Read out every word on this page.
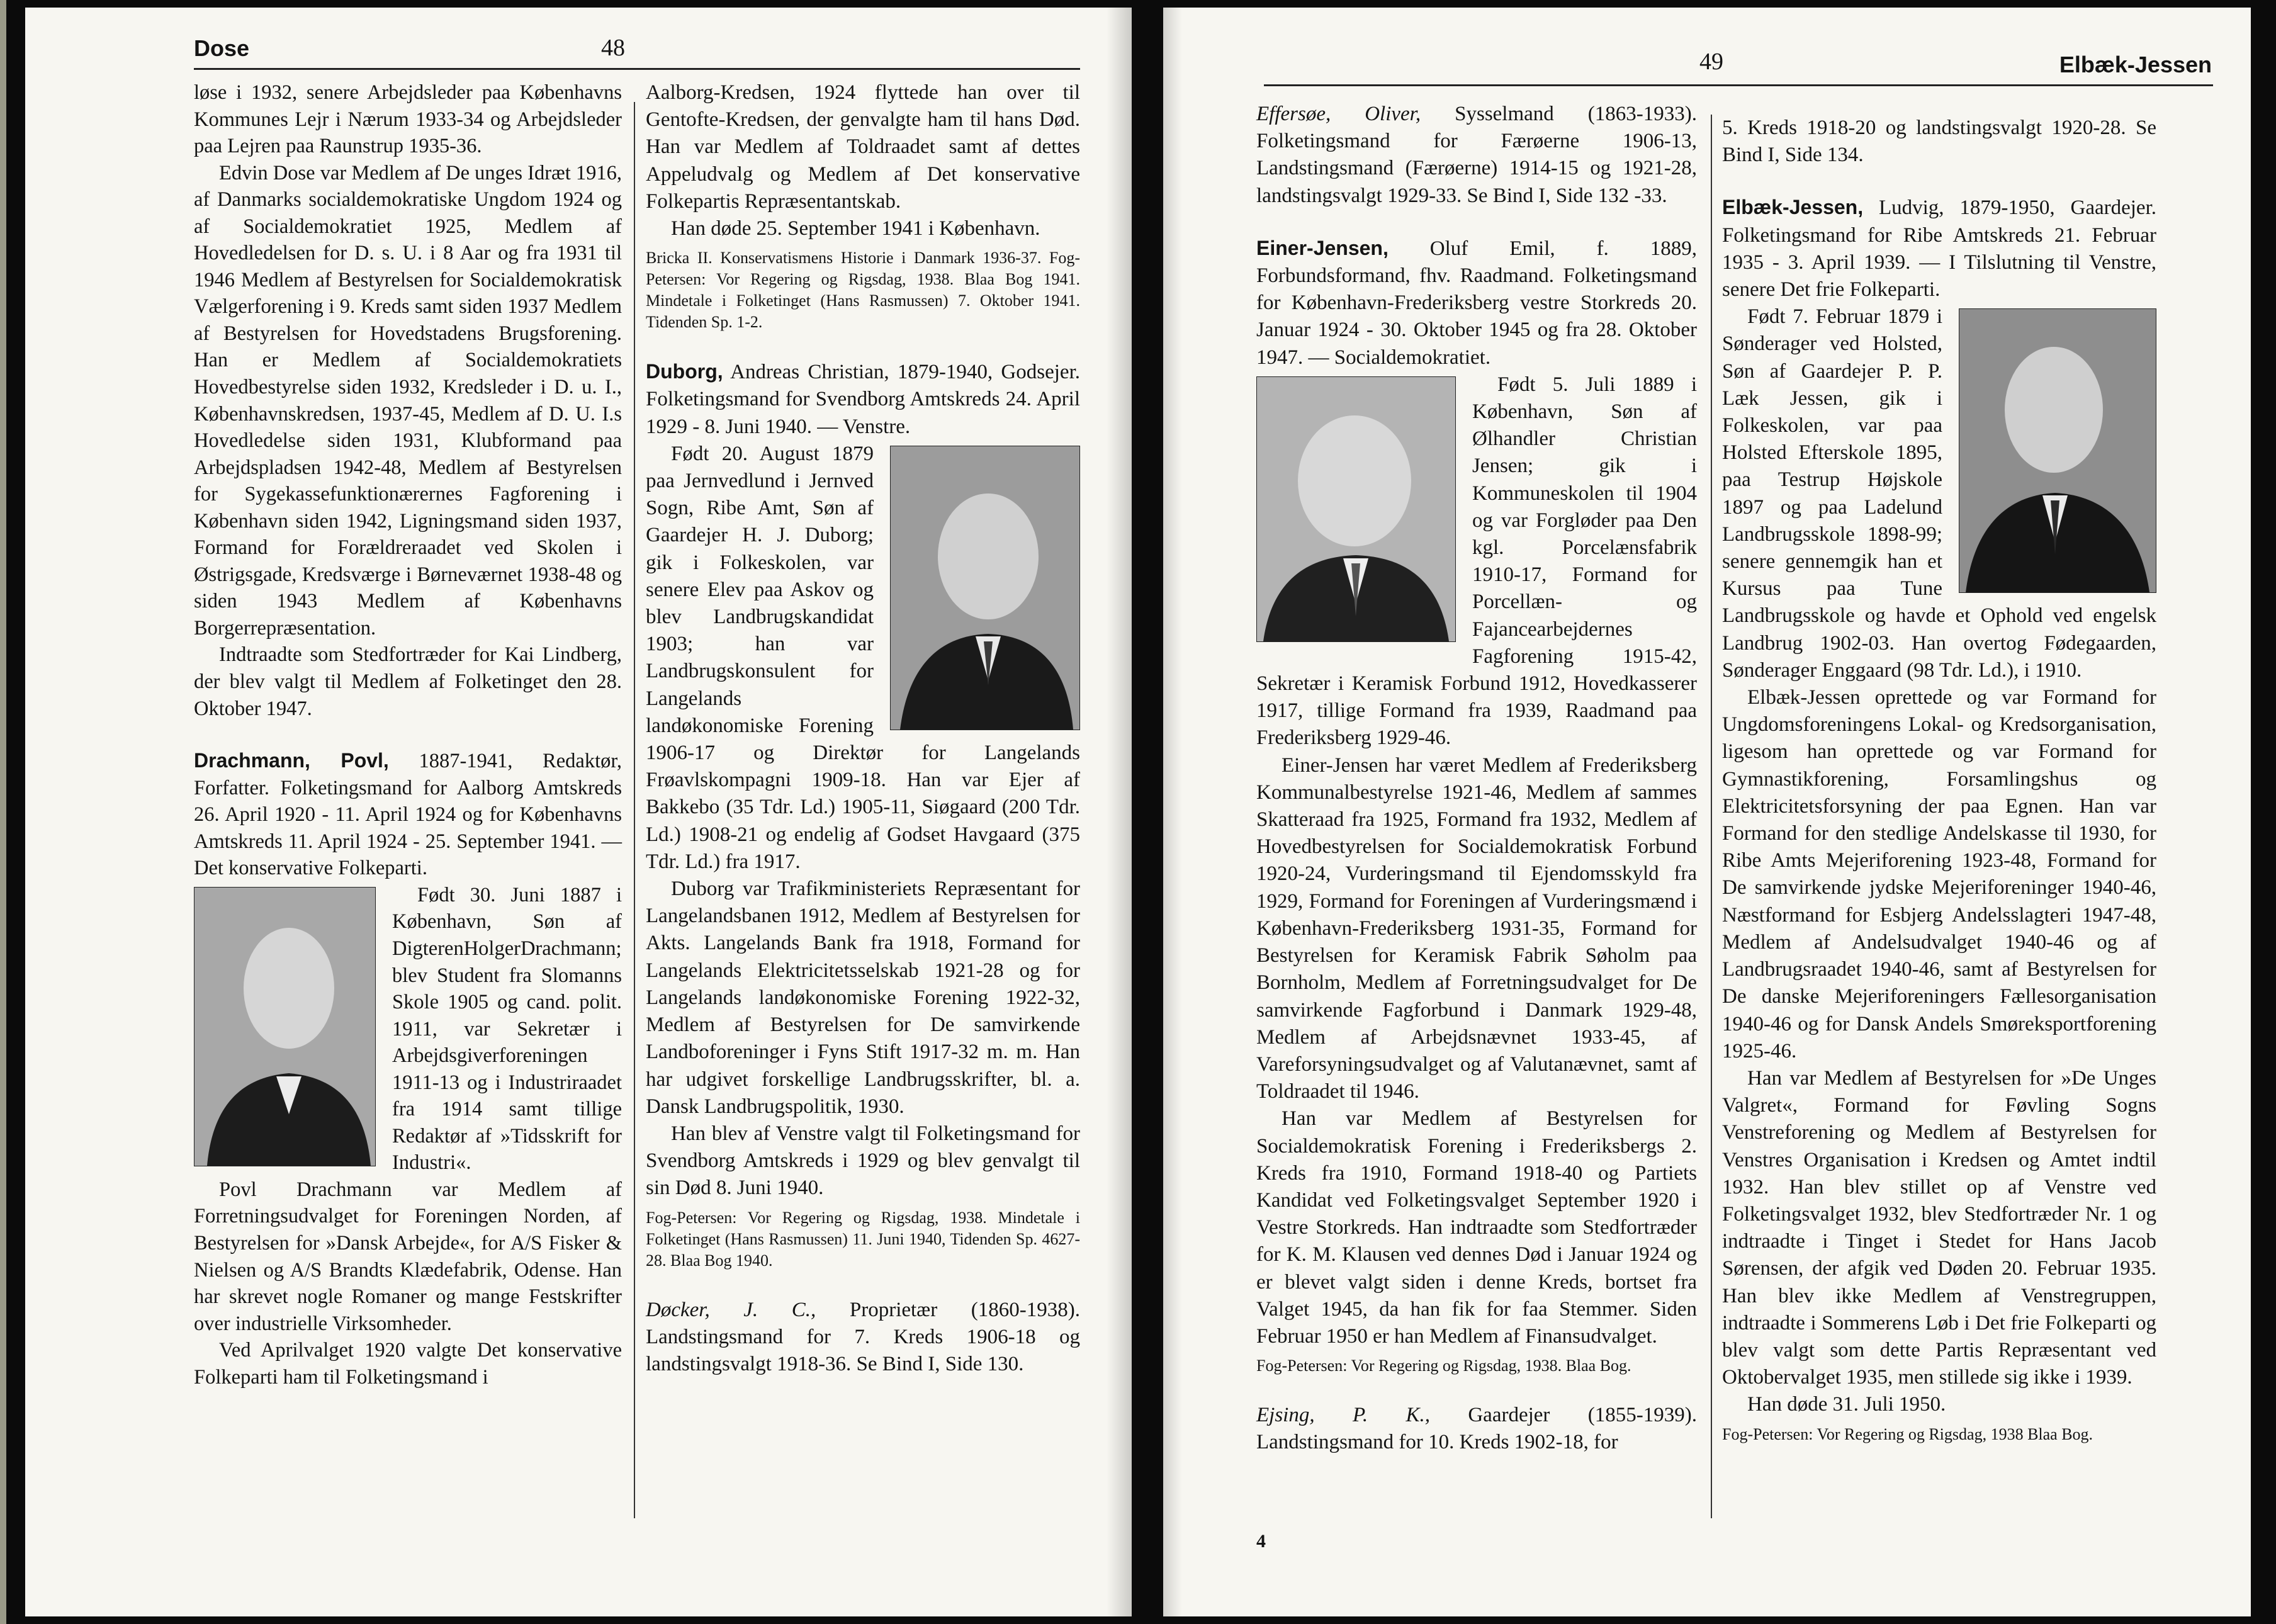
Dose	48

løse i 1932, senere Arbejdsleder paa Københavns Kommunes Lejr i Nærum 1933-34 og Arbejdsleder paa Lejren paa Raunstrup 1935-36.

Edvin Dose var Medlem af De unges Idræt 1916, af Danmarks socialdemokratiske Ungdom 1924 og af Socialdemokratiet 1925, Medlem af Hovedledelsen for D. s. U. i 8 Aar og fra 1931 til 1946 Medlem af Bestyrelsen for Socialdemokratisk Vælgerforening i 9. Kreds samt siden 1937 Medlem af Bestyrelsen for Hovedstadens Brugsforening. Han er Medlem af Socialdemokratiets Hovedbestyrelse siden 1932, Kredsleder i D. u. I., Københavnskredsen, 1937-45, Medlem af D. U. I.s Hovedledelse siden 1931, Klubformand paa Arbejdspladsen 1942-48, Medlem af Bestyrelsen for Sygekassefunktionærernes Fagforening i København siden 1942, Ligningsmand siden 1937, Formand for Forældreraadet ved Skolen i Østrigsgade, Kredsværge i Børneværnet 1938-48 og siden 1943 Medlem af Københavns Borgerrepræsentation.

Indtraadte som Stedfortræder for Kai Lindberg, der blev valgt til Medlem af Folketinget den 28. Oktober 1947.

Drachmann, Povl, 1887-1941, Redaktør, Forfatter. Folketingsmand for Aalborg Amtskreds 26. April 1920 - 11. April 1924 og for Københavns Amtskreds 11. April 1924 - 25. September 1941. — Det konservative Folkeparti.

Født 30. Juni 1887 i København, Søn af DigterenHolgerDrachmann; blev Student fra Slomanns Skole 1905 og cand. polit. 1911, var Sekretær i Arbejdsgiverforeningen 1911-13 og i Industriraadet fra 1914 samt tillige Redaktør af »Tidsskrift for Industri«.

Povl Drachmann var Medlem af Forretningsudvalget for Foreningen Norden, af Bestyrelsen for »Dansk Arbejde«, for A/S Fisker & Nielsen og A/S Brandts Klædefabrik, Odense. Han har skrevet nogle Romaner og mange Festskrifter over industrielle Virksomheder.

Ved Aprilvalget 1920 valgte Det konservative Folkeparti ham til Folketingsmand i

Aalborg-Kredsen, 1924 flyttede han over til Gentofte-Kredsen, der genvalgte ham til hans Død. Han var Medlem af Toldraadet samt af dettes Appeludvalg og Medlem af Det konservative Folkepartis Repræsentantskab.

Han døde 25. September 1941 i København.

Bricka II. Konservatismens Historie i Danmark 1936-37. Fog-Petersen: Vor Regering og Rigsdag, 1938. Blaa Bog 1941. Mindetale i Folketinget (Hans Rasmussen) 7. Oktober 1941. Tidenden Sp. 1-2.

Duborg, Andreas Christian, 1879-1940, Godsejer. Folketingsmand for Svendborg Amtskreds 24. April 1929 - 8. Juni 1940. — Venstre.

Født 20. August 1879 paa Jernvedlund i Jernved Sogn, Ribe Amt, Søn af Gaardejer H. J. Duborg; gik i Folkeskolen, var senere Elev paa Askov og blev Landbrugskandidat 1903; han var Landbrugskonsulent for Langelands landøkonomiske Forening 1906-17 og Direktør for Langelands Frøavlskompagni 1909-18. Han var Ejer af Bakkebo (35 Tdr. Ld.) 1905-11, Siøgaard (200 Tdr. Ld.) 1908-21 og endelig af Godset Havgaard (375 Tdr. Ld.) fra 1917.

Duborg var Trafikministeriets Repræsentant for Langelandsbanen 1912, Medlem af Bestyrelsen for Akts. Langelands Bank fra 1918, Formand for Langelands Elektricitetsselskab 1921-28 og for Langelands landøkonomiske Forening 1922-32, Medlem af Bestyrelsen for De samvirkende Landboforeninger i Fyns Stift 1917-32 m. m. Han har udgivet forskellige Landbrugsskrifter, bl. a. Dansk Landbrugspolitik, 1930.

Han blev af Venstre valgt til Folketingsmand for Svendborg Amtskreds i 1929 og blev genvalgt til sin Død 8. Juni 1940.

Fog-Petersen: Vor Regering og Rigsdag, 1938. Mindetale i Folketinget (Hans Rasmussen) 11. Juni 1940, Tidenden Sp. 4627-28. Blaa Bog 1940.

Døcker, J. C., Proprietær (1860-1938). Landstingsmand for 7. Kreds 1906-18 og landstingsvalgt 1918-36. Se Bind I, Side 130.

49	Elbæk-Jessen

Effersøe, Oliver, Sysselmand (1863-1933). Folketingsmand for Færøerne 1906-13, Landstingsmand (Færøerne) 1914-15 og 1921-28, landstingsvalgt 1929-33. Se Bind I, Side 132 -33.

Einer-Jensen, Oluf Emil, f. 1889, Forbundsformand, fhv. Raadmand. Folketingsmand for København-Frederiksberg vestre Storkreds 20. Januar 1924 - 30. Oktober 1945 og fra 28. Oktober 1947. — Socialdemokratiet.

Født 5. Juli 1889 i København, Søn af Ølhandler Christian Jensen; gik i Kommuneskolen til 1904 og var Forgløder paa Den kgl. Porcelænsfabrik 1910-17, Formand for Porcellæn- og Fajancearbejdernes Fagforening 1915-42, Sekretær i Keramisk Forbund 1912, Hovedkasserer 1917, tillige Formand fra 1939, Raadmand paa Frederiksberg 1929-46.

Einer-Jensen har været Medlem af Frederiksberg Kommunalbestyrelse 1921-46, Medlem af sammes Skatteraad fra 1925, Formand fra 1932, Medlem af Hovedbestyrelsen for Socialdemokratisk Forbund 1920-24, Vurderingsmand til Ejendomsskyld fra 1929, Formand for Foreningen af Vurderingsmænd i København-Frederiksberg 1931-35, Formand for Bestyrelsen for Keramisk Fabrik Søholm paa Bornholm, Medlem af Forretningsudvalget for De samvirkende Fagforbund i Danmark 1929-48, Medlem af Arbejdsnævnet 1933-45, af Vareforsyningsudvalget og af Valutanævnet, samt af Toldraadet til 1946.

Han var Medlem af Bestyrelsen for Socialdemokratisk Forening i Frederiksbergs 2. Kreds fra 1910, Formand 1918-40 og Partiets Kandidat ved Folketingsvalget September 1920 i Vestre Storkreds. Han indtraadte som Stedfortræder for K. M. Klausen ved dennes Død i Januar 1924 og er blevet valgt siden i denne Kreds, bortset fra Valget 1945, da han fik for faa Stemmer. Siden Februar 1950 er han Medlem af Finansudvalget.

Fog-Petersen: Vor Regering og Rigsdag, 1938. Blaa Bog.

Ejsing, P. K., Gaardejer (1855-1939). Landstingsmand for 10. Kreds 1902-18, for

5. Kreds 1918-20 og landstingsvalgt 1920-28. Se Bind I, Side 134.

Elbæk-Jessen, Ludvig, 1879-1950, Gaardejer. Folketingsmand for Ribe Amtskreds 21. Februar 1935 - 3. April 1939. — I Tilslutning til Venstre, senere Det frie Folkeparti.

Født 7. Februar 1879 i Sønderager ved Holsted, Søn af Gaardejer P. P. Læk Jessen, gik i Folkeskolen, var paa Holsted Efterskole 1895, paa Testrup Højskole 1897 og paa Ladelund Landbrugsskole 1898-99; senere gennemgik han et Kursus paa Tune Landbrugsskole og havde et Ophold ved engelsk Landbrug 1902-03. Han overtog Fødegaarden, Sønderager Enggaard (98 Tdr. Ld.), i 1910.

Elbæk-Jessen oprettede og var Formand for Ungdomsforeningens Lokal- og Kredsorganisation, ligesom han oprettede og var Formand for Gymnastikforening, Forsamlingshus og Elektricitetsforsyning der paa Egnen. Han var Formand for den stedlige Andelskasse til 1930, for Ribe Amts Mejeriforening 1923-48, Formand for De samvirkende jydske Mejeriforeninger 1940-46, Næstformand for Esbjerg Andelsslagteri 1947-48, Medlem af Andelsudvalget 1940-46 og af Landbrugsraadet 1940-46, samt af Bestyrelsen for De danske Mejeriforeningers Fællesorganisation 1940-46 og for Dansk Andels Smøreksportforening 1925-46.

Han var Medlem af Bestyrelsen for »De Unges Valgret«, Formand for Føvling Sogns Venstreforening og Medlem af Bestyrelsen for Venstres Organisation i Kredsen og Amtet indtil 1932. Han blev stillet op af Venstre ved Folketingsvalget 1932, blev Stedfortræder Nr. 1 og indtraadte i Tinget i Stedet for Hans Jacob Sørensen, der afgik ved Døden 20. Februar 1935. Han blev ikke Medlem af Venstregruppen, indtraadte i Sommerens Løb i Det frie Folkeparti og blev valgt som dette Partis Repræsentant ved Oktobervalget 1935, men stillede sig ikke i 1939.

Han døde 31. Juli 1950.

Fog-Petersen: Vor Regering og Rigsdag, 1938 Blaa Bog.

4
